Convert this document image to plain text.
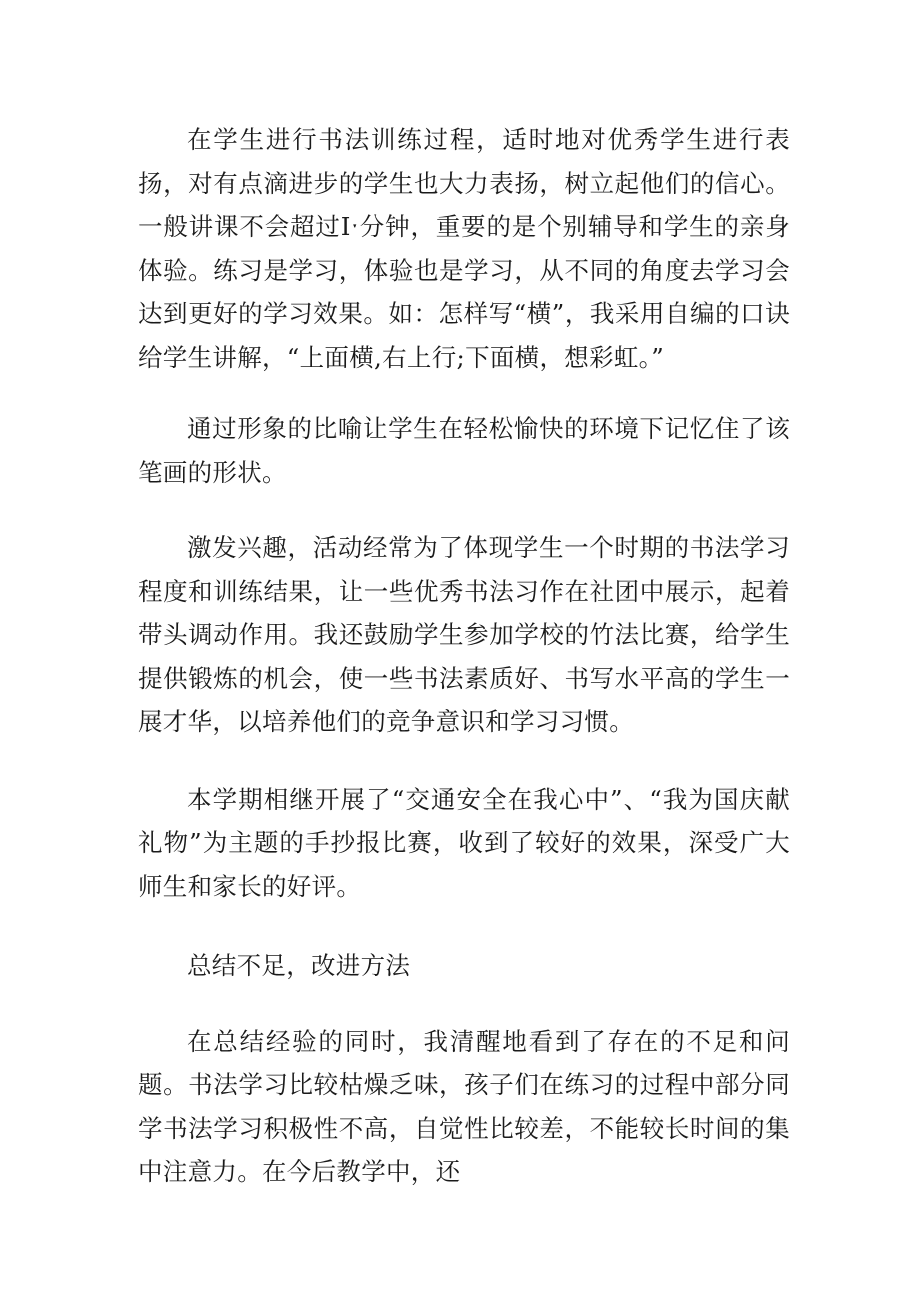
在学生进行书法训练过程，适时地对优秀学生进行表扬，对有点滴进步的学生也大力表扬，树立起他们的信心。一般讲课不会超过Iˑ分钟，重要的是个别辅导和学生的亲身体验。练习是学习，体验也是学习，从不同的角度去学习会达到更好的学习效果。如：怎样写“横”，我采用自编的口诀给学生讲解，“上面横,右上行;下面横，想彩虹。”

通过形象的比喻让学生在轻松愉快的环境下记忆住了该笔画的形状。

激发兴趣，活动经常为了体现学生一个时期的书法学习程度和训练结果，让一些优秀书法习作在社团中展示，起着带头调动作用。我还鼓励学生参加学校的竹法比赛，给学生提供锻炼的机会，使一些书法素质好、书写水平高的学生一展才华，以培养他们的竞争意识和学习习惯。

本学期相继开展了“交通安全在我心中”、“我为国庆献礼物”为主题的手抄报比赛，收到了较好的效果，深受广大师生和家长的好评。

总结不足，改进方法

在总结经验的同时，我清醒地看到了存在的不足和问题。书法学习比较枯燥乏味，孩子们在练习的过程中部分同学书法学习积极性不高，自觉性比较差，不能较长时间的集中注意力。在今后教学中，还
